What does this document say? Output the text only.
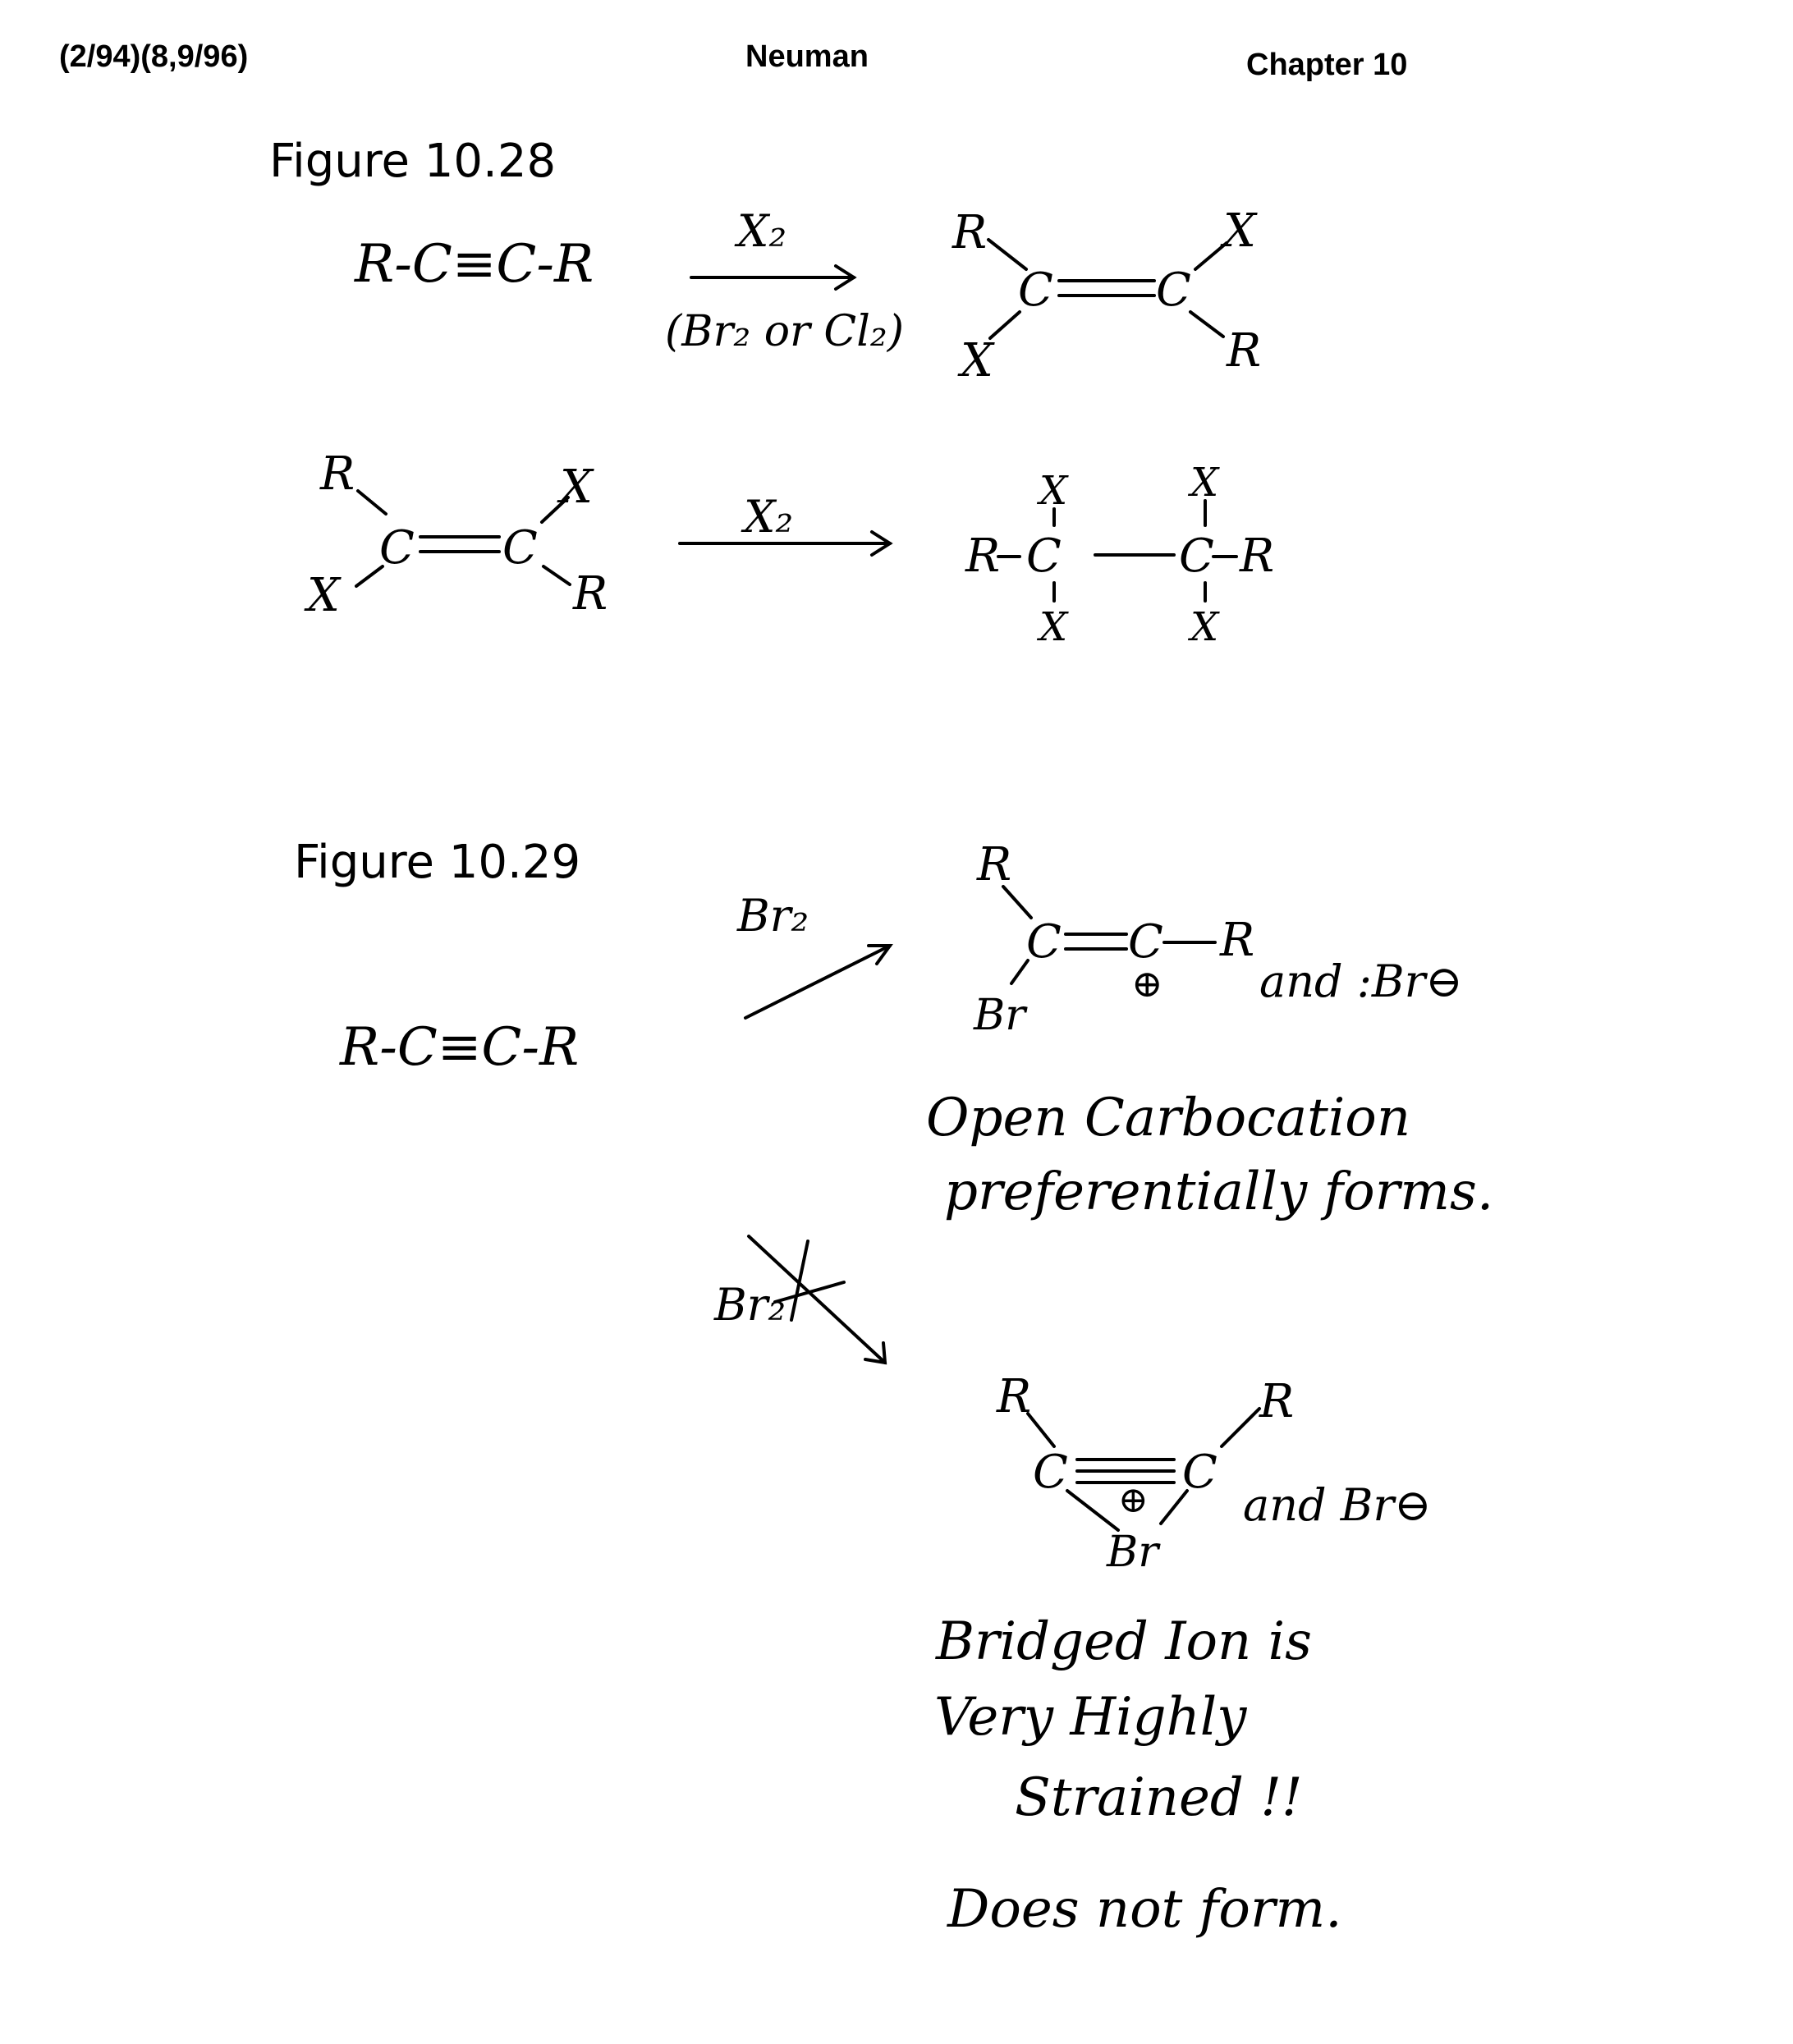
(2/94)(8,9/96)	Neuman	Chapter 10
Figure 10.28
Figure 10.29
R-C≡C-R
X₂
(Br₂ or Cl₂)
X₂
R-C≡C-R
Br₂
Br₂
and :Br⊖
Open Carbocation
preferentially forms.
and Br⊖
Bridged Ion is
Very Highly
Strained !!
Does not form.
R
C C
X
X	R
R
C C
X
X	R
R C	C R
X
X
X
X
R
C C R
Br
⊕
R	R
C C
⊕
Br
